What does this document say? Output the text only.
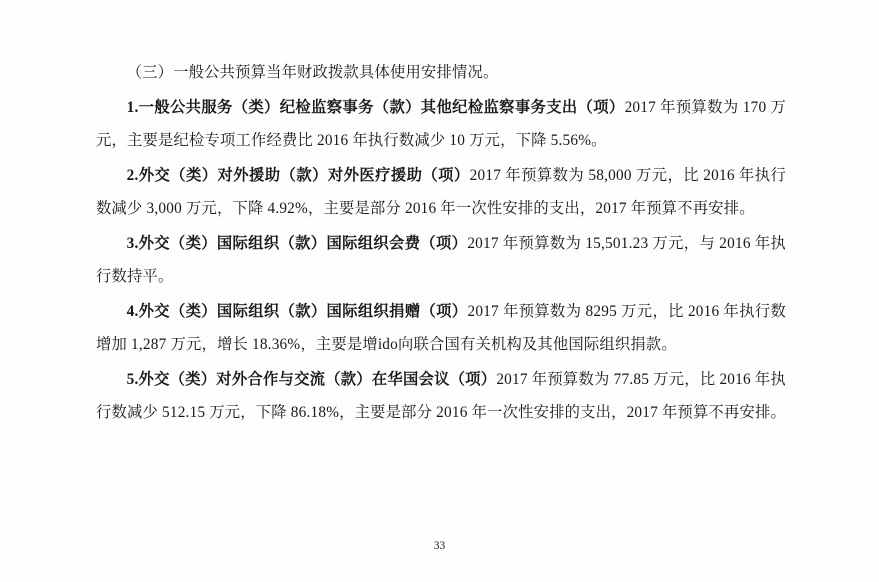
（三）一般公共预算当年财政拨款具体使用安排情况。

1.一般公共服务（类）纪检监察事务（款）其他纪检监察事务支出（项）2017 年预算数为 170 万元，主要是纪检专项工作经费比 2016 年执行数减少 10 万元，下降 5.56%。

2.外交（类）对外援助（款）对外医疗援助（项）2017 年预算数为 58,000 万元，比 2016 年执行数减少 3,000 万元，下降 4.92%，主要是部分 2016 年一次性安排的支出，2017 年预算不再安排。

3.外交（类）国际组织（款）国际组织会费（项）2017 年预算数为 15,501.23 万元，与 2016 年执行数持平。

4.外交（类）国际组织（款）国际组织捐赠（项）2017 年预算数为 8295 万元，比 2016 年执行数增加 1,287 万元，增长 18.36%，主要是增ido向联合国有关机构及其他国际组织捐款。

5.外交（类）对外合作与交流（款）在华国会议（项）2017 年预算数为 77.85 万元，比 2016 年执行数减少 512.15 万元，下降 86.18%，主要是部分 2016 年一次性安排的支出，2017 年预算不再安排。

33
